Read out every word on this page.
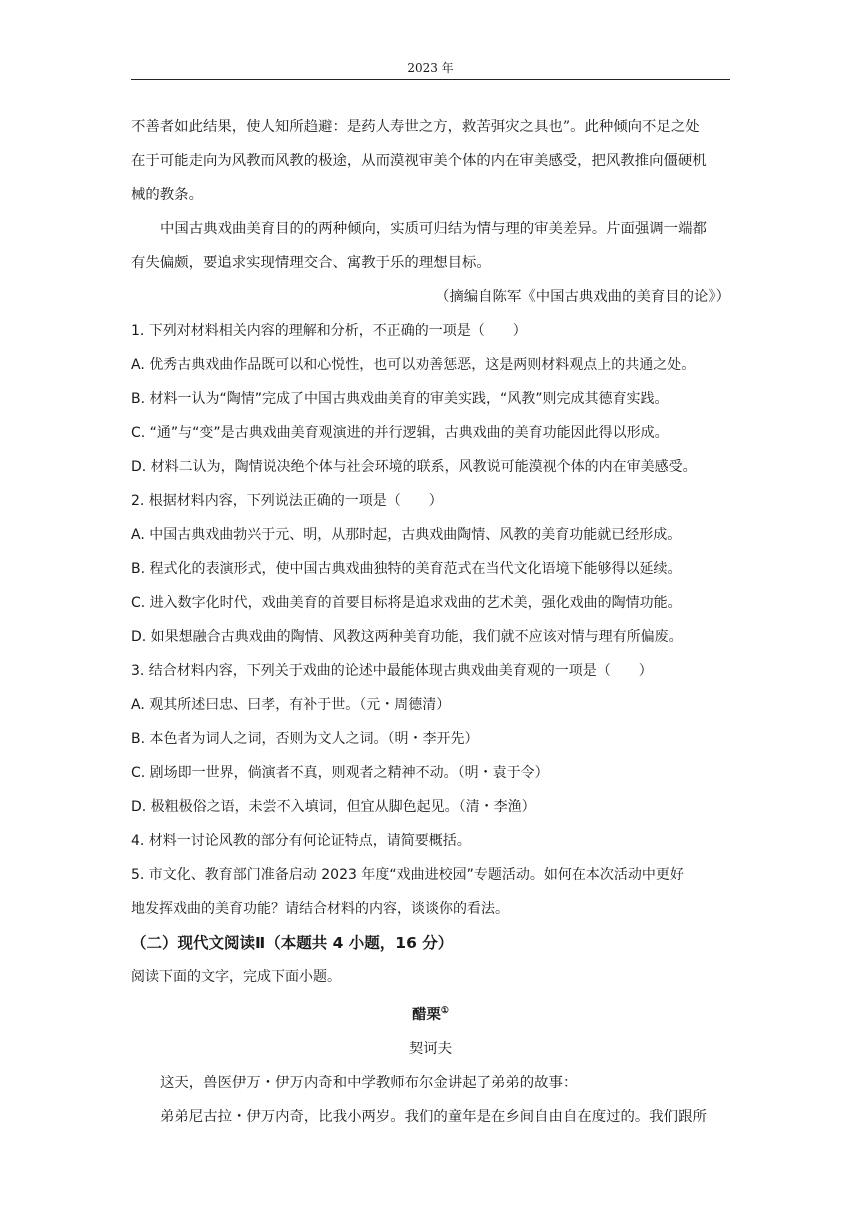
2023 年
不善者如此结果，使人知所趋避：是药人寿世之方，救苦弭灾之具也”。此种倾向不足之处
在于可能走向为风教而风教的极途，从而漠视审美个体的内在审美感受，把风教推向僵硬机
械的教条。
中国古典戏曲美育目的的两种倾向，实质可归结为情与理的审美差异。片面强调一端都
有失偏颇，要追求实现情理交合、寓教于乐的理想目标。
（摘编自陈军《中国古典戏曲的美育目的论》）
1. 下列对材料相关内容的理解和分析，不正确的一项是（　　）
A. 优秀古典戏曲作品既可以和心悦性，也可以劝善惩恶，这是两则材料观点上的共通之处。
B. 材料一认为“陶情”完成了中国古典戏曲美育的审美实践，“风教”则完成其德育实践。
C. “通”与“变”是古典戏曲美育观演进的并行逻辑，古典戏曲的美育功能因此得以形成。
D. 材料二认为，陶情说决绝个体与社会环境的联系，风教说可能漠视个体的内在审美感受。
2. 根据材料内容，下列说法正确的一项是（　　）
A. 中国古典戏曲勃兴于元、明，从那时起，古典戏曲陶情、风教的美育功能就已经形成。
B. 程式化的表演形式，使中国古典戏曲独特的美育范式在当代文化语境下能够得以延续。
C. 进入数字化时代，戏曲美育的首要目标将是追求戏曲的艺术美，强化戏曲的陶情功能。
D. 如果想融合古典戏曲的陶情、风教这两种美育功能，我们就不应该对情与理有所偏废。
3. 结合材料内容，下列关于戏曲的论述中最能体现古典戏曲美育观的一项是（　　）
A. 观其所述曰忠、曰孝，有补于世。（元・周德清）
B. 本色者为词人之词，否则为文人之词。（明・李开先）
C. 剧场即一世界，倘演者不真，则观者之精神不动。（明・袁于令）
D. 极粗极俗之语，未尝不入填词，但宜从脚色起见。（清・李渔）
4. 材料一讨论风教的部分有何论证特点，请简要概括。
5. 市文化、教育部门准备启动 2023 年度“戏曲进校园”专题活动。如何在本次活动中更好
地发挥戏曲的美育功能？请结合材料的内容，谈谈你的看法。
（二）现代文阅读Ⅱ（本题共 4 小题，16 分）
阅读下面的文字，完成下面小题。
醋栗①
契诃夫
这天，兽医伊万・伊万内奇和中学教师布尔金讲起了弟弟的故事：
弟弟尼古拉・伊万内奇，比我小两岁。我们的童年是在乡间自由自在度过的。我们跟所
